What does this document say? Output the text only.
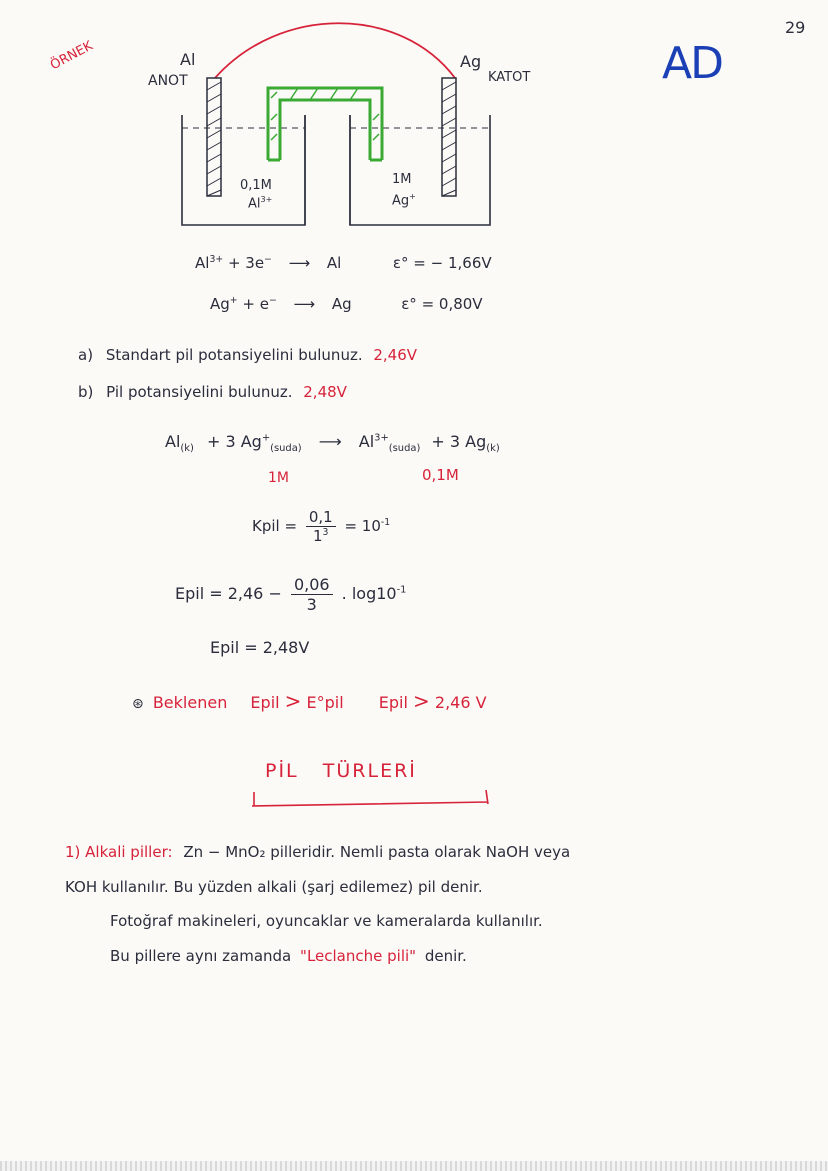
29
AD
ÖRNEK	Al
ANOT
Ag
KATOT
0,1M
$Al^{3+}$
1M
Ag+
$Al^{3+} + 3e^-$ ⟶ Al	ε° = − 1,66V
Ag+ + e− ⟶ Ag	ε° = 0,80V
a) Standart pil potansiyelini bulunuz. 2,46V
b) Pil potansiyelini bulunuz. 2,48V
$Al_{(k)} + 3$ $Ag^+_{(suda)}$ ⟶ $Al^{3+}_{(suda)} + 3$ $Ag_{(k)}$
1M	0,1M
Kpil = $\frac{0,1}{1^3} = 10^{-1}$
Epil = $2,46 - \frac{0,06}{3}$ . $\log 10^{-1}$
Epil = 2,48V
⊛ Beklenen Epil > E°pil Epil > 2,46 V
PİL   TÜRLERİ
1) Alkali piller: Zn − MnO₂ pilleridir. Nemli pasta olarak NaOH veya
KOH kullanılır. Bu yüzden alkali (şarj edilemez) pil denir.
Fotoğraf makineleri, oyuncaklar ve kameralarda kullanılır.
Bu pillere aynı zamanda "Leclanche pili" denir.
